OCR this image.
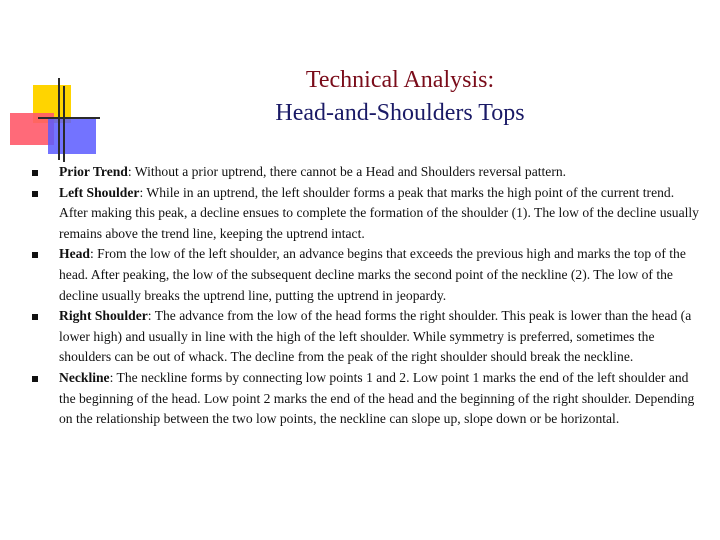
Technical Analysis:
Head-and-Shoulders Tops
Prior Trend: Without a prior uptrend, there cannot be a Head and Shoulders reversal pattern.
Left Shoulder: While in an uptrend, the left shoulder forms a peak that marks the high point of the current trend. After making this peak, a decline ensues to complete the formation of the shoulder (1). The low of the decline usually remains above the trend line, keeping the uptrend intact.
Head: From the low of the left shoulder, an advance begins that exceeds the previous high and marks the top of the head. After peaking, the low of the subsequent decline marks the second point of the neckline (2). The low of the decline usually breaks the uptrend line, putting the uptrend in jeopardy.
Right Shoulder: The advance from the low of the head forms the right shoulder. This peak is lower than the head (a lower high) and usually in line with the high of the left shoulder. While symmetry is preferred, sometimes the shoulders can be out of whack. The decline from the peak of the right shoulder should break the neckline.
Neckline: The neckline forms by connecting low points 1 and 2. Low point 1 marks the end of the left shoulder and the beginning of the head. Low point 2 marks the end of the head and the beginning of the right shoulder. Depending on the relationship between the two low points, the neckline can slope up, slope down or be horizontal.
